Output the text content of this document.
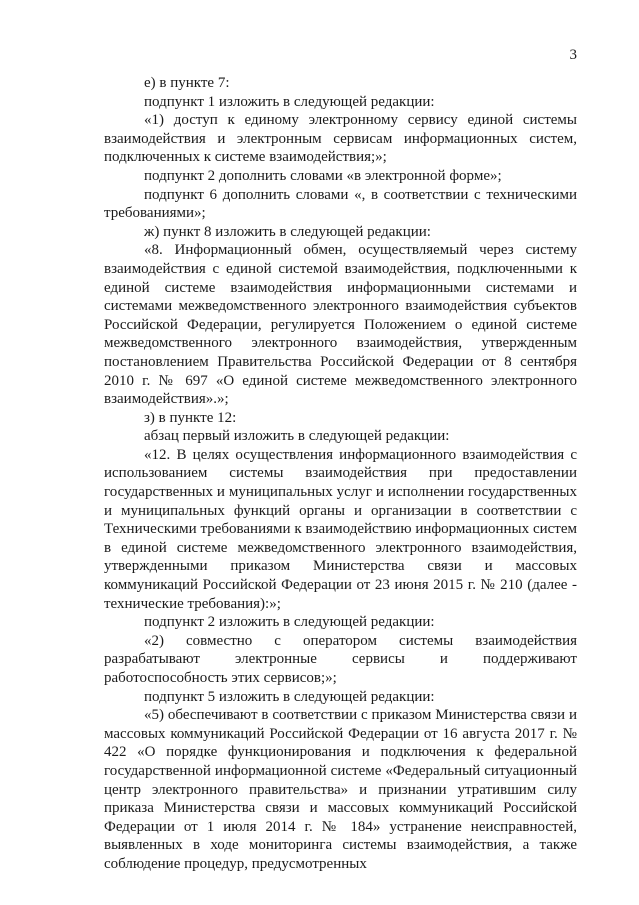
3

е) в пункте 7:

подпункт 1 изложить в следующей редакции:

«1) доступ к единому электронному сервису единой системы взаимодействия и электронным сервисам информационных систем, подключенных к системе взаимодействия;»;

подпункт 2 дополнить словами «в электронной форме»;

подпункт 6 дополнить словами «, в соответствии с техническими требованиями»;

ж) пункт 8 изложить в следующей редакции:

«8. Информационный обмен, осуществляемый через систему взаимодействия с единой системой взаимодействия, подключенными к единой системе взаимодействия информационными системами и системами межведомственного электронного взаимодействия субъектов Российской Федерации, регулируется Положением о единой системе межведомственного электронного взаимодействия, утвержденным постановлением Правительства Российской Федерации от 8 сентября 2010 г. № 697 «О единой системе межведомственного электронного взаимодействия».»;

з) в пункте 12:

абзац первый изложить в следующей редакции:

«12. В целях осуществления информационного взаимодействия с использованием системы взаимодействия при предоставлении государственных и муниципальных услуг и исполнении государственных и муниципальных функций органы и организации в соответствии с Техническими требованиями к взаимодействию информационных систем в единой системе межведомственного электронного взаимодействия, утвержденными приказом Министерства связи и массовых коммуникаций Российской Федерации от 23 июня 2015 г. № 210 (далее - технические требования):»;

подпункт 2 изложить в следующей редакции:

«2) совместно с оператором системы взаимодействия разрабатывают электронные сервисы и поддерживают работоспособность этих сервисов;»;

подпункт 5 изложить в следующей редакции:

«5) обеспечивают в соответствии с приказом Министерства связи и массовых коммуникаций Российской Федерации от 16 августа 2017 г. № 422 «О порядке функционирования и подключения к федеральной государственной информационной системе «Федеральный ситуационный центр электронного правительства» и признании утратившим силу приказа Министерства связи и массовых коммуникаций Российской Федерации от 1 июля 2014 г. № 184» устранение неисправностей, выявленных в ходе мониторинга системы взаимодействия, а также соблюдение процедур, предусмотренных
